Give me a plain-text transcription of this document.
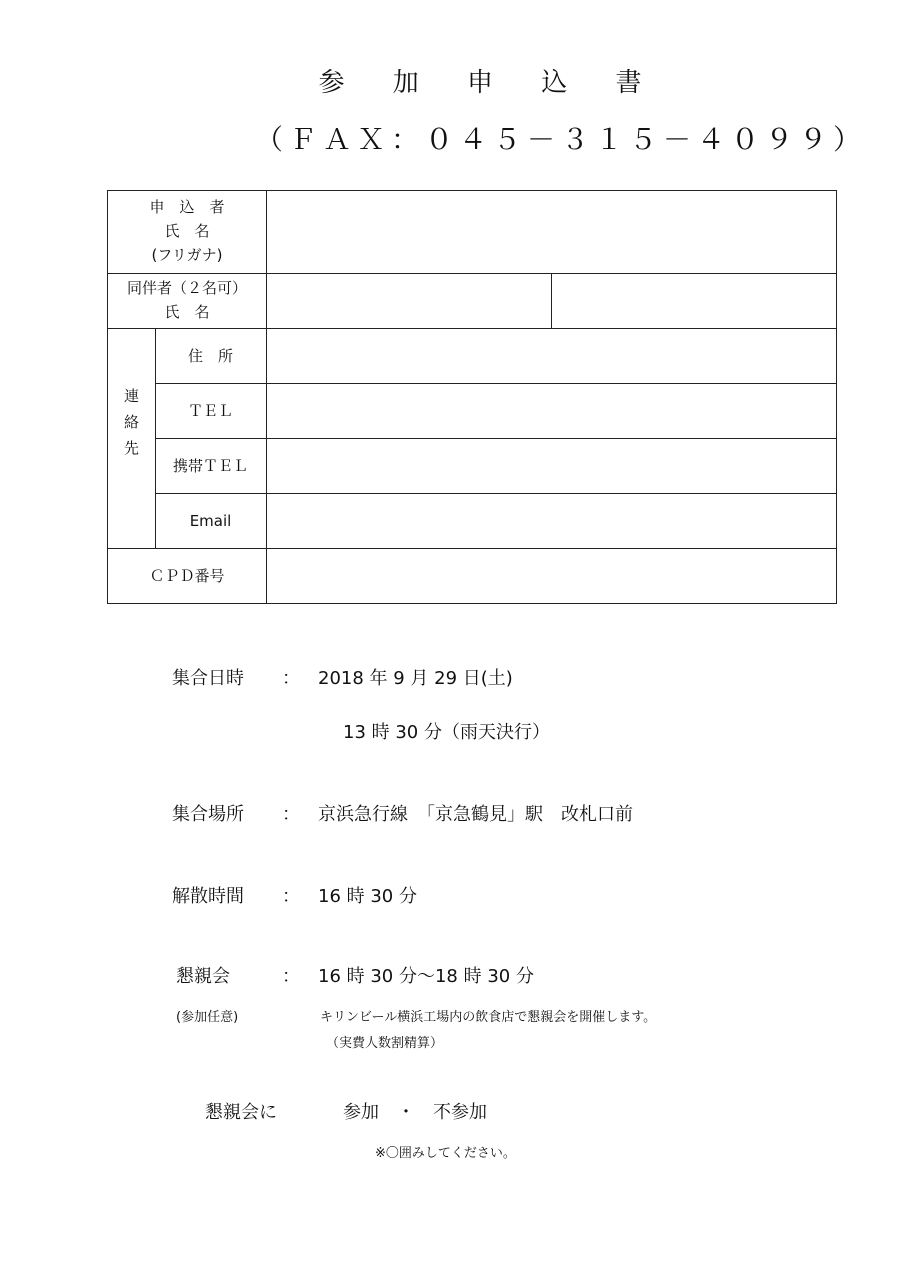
参 加 申 込 書
（ＦＡＸ：０４５－３１５－４０９９）
申　込　者
氏　名
(フリガナ)
同伴者（２名可）
氏　名
連
絡
先
住　所
ＴＥＬ
携帯ＴＥＬ
Email
ＣＰＤ番号
集合日時 ： 2018 年 9 月 29 日(土)
13 時 30 分（雨天決行）
集合場所 ： 京浜急行線　「京急鶴見」駅　改札口前
解散時間 ： 16 時 30 分
懇親会	： 16 時 30 分～18 時 30 分
(参加任意)	キリンビール横浜工場内の飲食店で懇親会を開催します。
（実費人数割精算）
懇親会に	参加　・　不参加
※〇囲みしてください。
